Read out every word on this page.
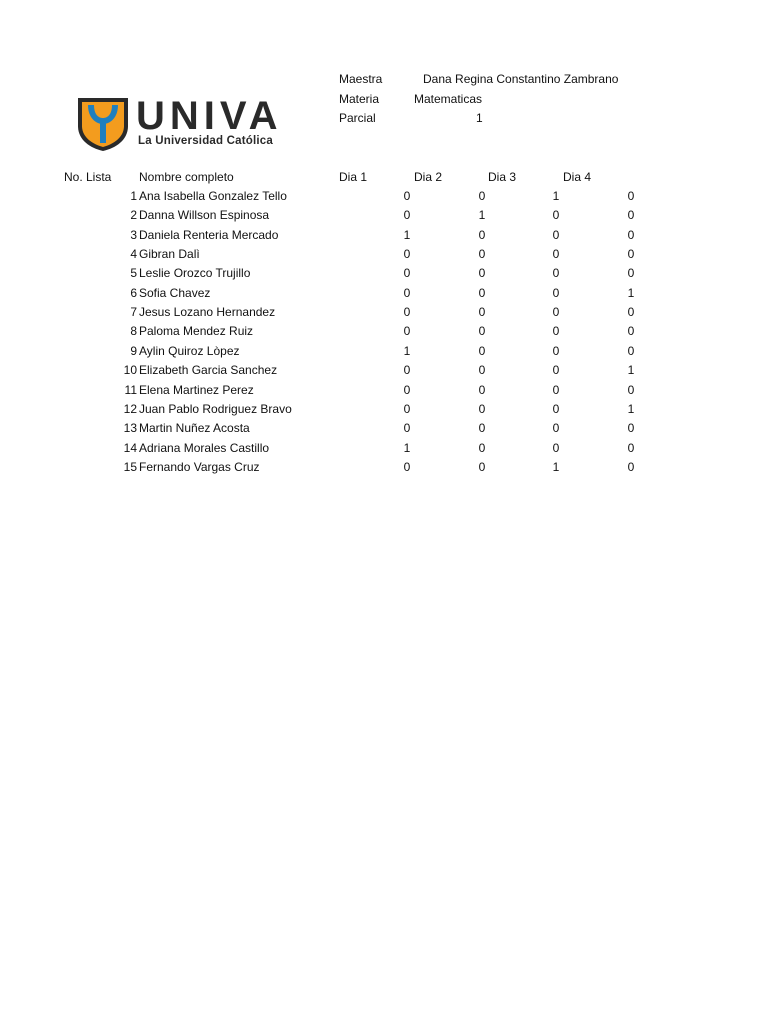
UNIVA
La Universidad Católica
Maestra	Dana Regina Constantino Zambrano
Materia	Matematicas
Parcial	1
No. Lista Nombre completo	Dia 1	Dia 2	Dia 3	Dia 4
1 Ana Isabella Gonzalez Tello	0	0	1	0
2 Danna Willson Espinosa	0	1	0	0
3 Daniela Renteria Mercado	1	0	0	0
4 Gibran Dalì	0	0	0	0
5 Leslie Orozco Trujillo	0	0	0	0
6 Sofia Chavez	0	0	0	1
7 Jesus Lozano Hernandez	0	0	0	0
8 Paloma Mendez Ruiz	0	0	0	0
9 Aylin Quiroz Lòpez	1	0	0	0
10 Elizabeth Garcia Sanchez	0	0	0	1
11 Elena Martinez Perez	0	0	0	0
12 Juan Pablo Rodriguez Bravo	0	0	0	1
13 Martin Nuñez Acosta	0	0	0	0
14 Adriana Morales Castillo	1	0	0	0
15 Fernando Vargas Cruz	0	0	1	0
